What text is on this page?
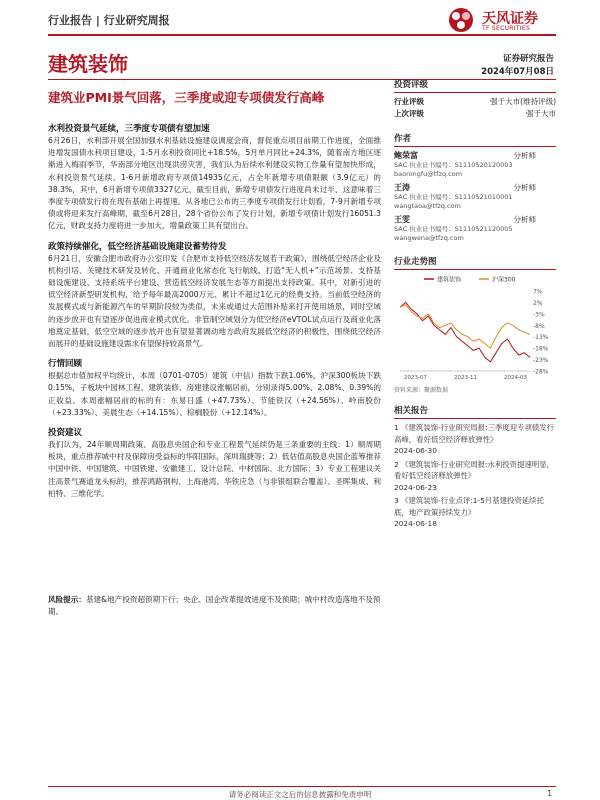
行业报告 | 行业研究周报	天风证券
TF SECURITIES
建筑装饰	证券研究报告
2024年07月08日
建筑业PMI景气回落，三季度或迎专项债发行高峰
水利投资景气延续，三季度专项债有望加速
6月26日，水利部开展全国加强水利基础设施建设调度会商，督促重点项目前期工作进度，全面推进增发国债水利项目建设，1-5月水利投资同比+18.5%，5月单月同比+24.3%，随着南方地区逐渐进入梅雨季节，华南部分地区出现洪涝灾害，我们认为后续水利建设实物工作量有望加快形成，水利投资景气延续。1-6月新增政府专项债14935亿元，占全年新增专项债限额（3.9亿元）的38.3%，其中，6月新增专项债3327亿元，截至目前，新增专项债发行进度尚未过半，这意味着三季度专项债发行将在现有基础上再提速。从各地已公布的三季度专项债发行计划看，7-9月新增专项债或将迎来发行高峰期，截至6月28日，28个省份公布了发行计划，新增专项债计划发行16051.3亿元，财政支持力度将进一步加大，增量政策工具有望出台。
政策持续催化，低空经济基础设施建设蓄势待发
6月21日，安徽合肥市政府办公室印发《合肥市支持低空经济发展若干政策》，围绕低空经济企业及机构引培、关键技术研发及转化、开通商业化常态化飞行航线、打造“无人机+”示范场景、支持基础设施建设、支持系统平台建设、营造低空经济发展生态等方面提出支持政策。其中，对新引进的低空经济新型研发机构，给予每年最高2000万元、累计不超过1亿元的经费支持。当前低空经济的发展模式或与新能源汽车的早期阶段较为类似，未来或通过大范围补贴来打开使用场景，同时空域的逐步放开也有望逐步促进商业模式优化。非管制空域划分为低空经济eVTOL试点运行及商业化落地奠定基础，低空空域的逐步放开也有望显著调动地方政府发展低空经济的积极性，围绕低空经济而展开的基础设施建设需求有望保持较高景气。
行情回顾
根据总市值加权平均统计，本周（0701-0705）建筑（中信）指数下跌1.06%，沪深300板块下跌0.15%，子板块中园林工程、建筑装修、房建建设涨幅居前，分别录得5.00%、2.08%、0.39%的正收益。本周涨幅居前的标的有：东易日盛（+47.73%）、节能铁汉（+24.56%）、岭南股份（+23.33%）、美晨生态（+14.15%）、棕榈股份（+12.14%）。
投资建议
我们认为，24年顺周期政策、高股息央国企和专业工程景气延续仍是三条重要的主线：1）顺周期板块，重点推荐城中村及保障房受益标的华阳国际、深圳瑞捷等；2）低估值高股息央国企蓝筹推荐中国中铁、中国建筑、中国铁建、安徽建工、设计总院、中材国际、北方国际；3）专业工程建议关注高景气赛道龙头标的，推荐鸿路钢构、上海港湾、华铁应急（与非银组联合覆盖）、圣晖集成、利柏特、三维化学。
风险提示：基建&地产投资超预期下行；央企、国企改革提效进度不及预期；城中村改造落地不及预期。
投资评级
行业评级	强于大市(维持评级)
上次评级	强于大市
作者
鲍荣富	分析师
SAC 执业证书编号：S1110520120003
baorongfu@tfzq.com
王涛	分析师
SAC 执业证书编号：S1110521010001
wangtaoa@tfzq.com
王雯	分析师
SAC 执业证书编号：S1110521120005
wangwena@tfzq.com
行业走势图
7%
2%
-3%
-8%
-13%
-18%
-23%
-28%
2023-07	2023-11	2024-03
建筑装饰	沪深300
资料来源：聚源数据
相关报告
1 《建筑装饰-行业研究周报:三季度迎专项债发行高峰，看好低空经济释放弹性》
2024-06-30
2 《建筑装饰-行业研究周报:水利投资提速明显，看好低空经济释放弹性》
2024-06-23
3 《建筑装饰-行业点评:1-5月基建投资延续托底，地产政策持续发力》
2024-06-18
请务必阅读正文之后的信息披露和免责申明	1
